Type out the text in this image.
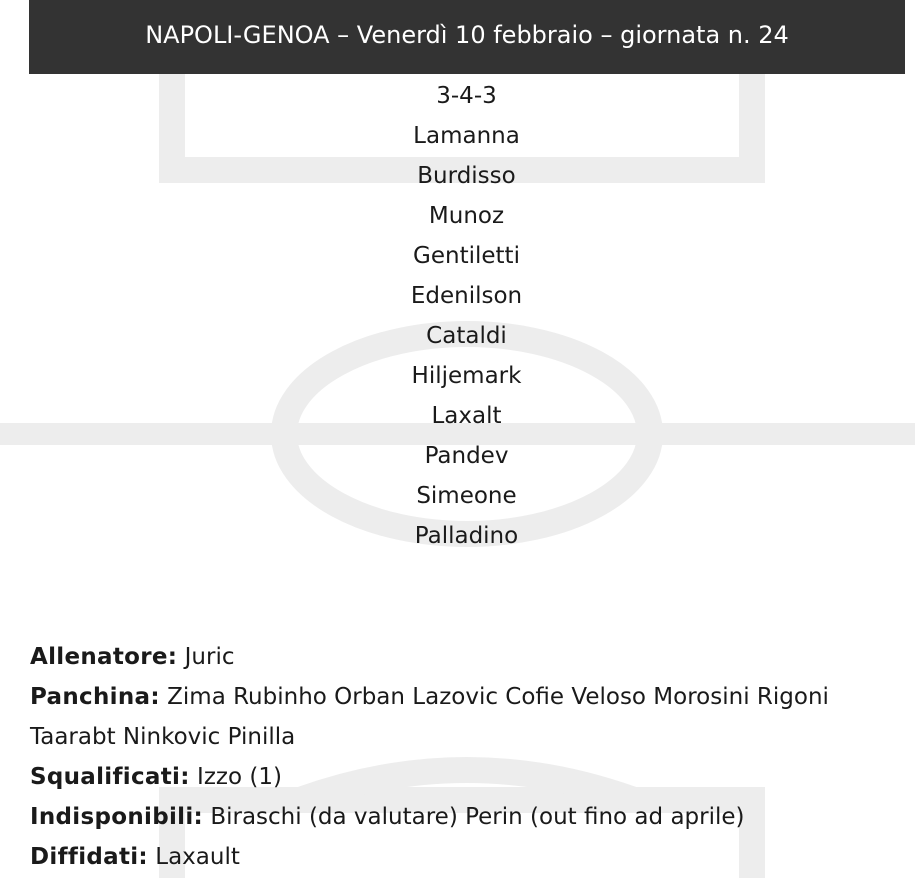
NAPOLI-GENOA – Venerdì 10 febbraio – giornata n. 24
3-4-3
Lamanna
Burdisso
Munoz
Gentiletti
Edenilson
Cataldi
Hiljemark
Laxalt
Pandev
Simeone
Palladino
Allenatore: Juric
Panchina: Zima Rubinho Orban Lazovic Cofie Veloso Morosini Rigoni Taarabt Ninkovic Pinilla
Squalificati: Izzo (1)
Indisponibili: Biraschi (da valutare) Perin (out fino ad aprile)
Diffidati: Laxault
